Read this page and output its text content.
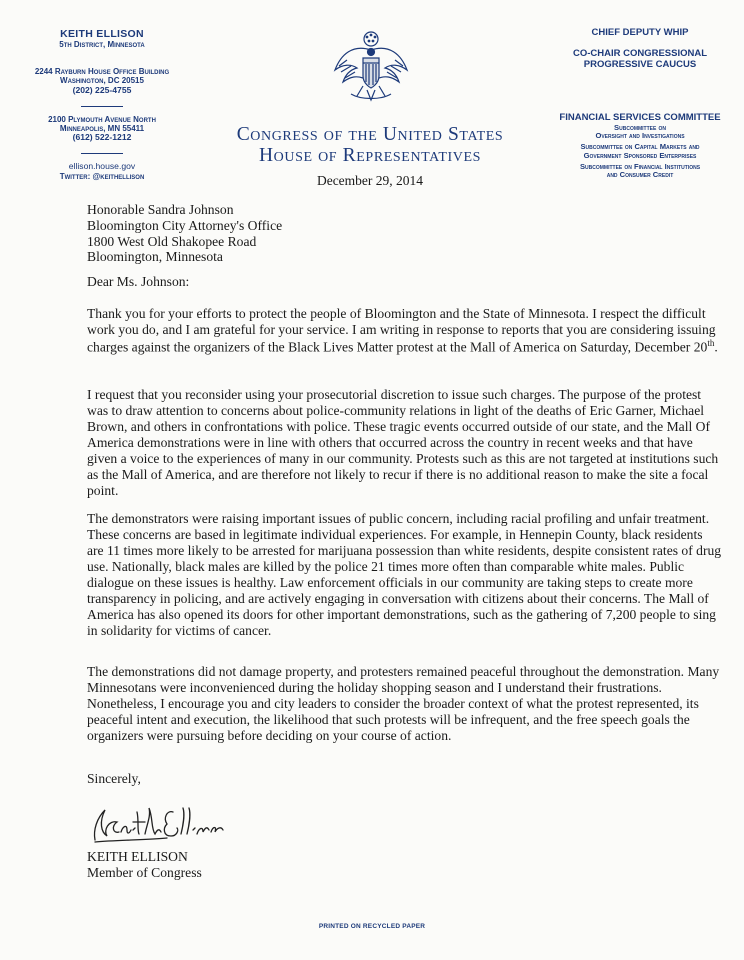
KEITH ELLISON
5th District, Minnesota
2244 Rayburn House Office Building
Washington, DC 20515
(202) 225-4755
2100 Plymouth Avenue North
Minneapolis, MN 55411
(612) 522-1212
ellison.house.gov
Twitter: @keithellison
CHIEF DEPUTY WHIP
CO-CHAIR CONGRESSIONAL
PROGRESSIVE CAUCUS
FINANCIAL SERVICES COMMITTEE
Subcommittee on
Oversight and Investigations
Subcommittee on Capital Markets and
Government Sponsored Enterprises
Subcommittee on Financial Institutions
and Consumer Credit
Congress of the United States
House of Representatives
December 29, 2014
Honorable Sandra Johnson
Bloomington City Attorney's Office
1800 West Old Shakopee Road
Bloomington, Minnesota
Dear Ms. Johnson:
Thank you for your efforts to protect the people of Bloomington and the State of Minnesota. I respect the difficult work you do, and I am grateful for your service. I am writing in response to reports that you are considering issuing charges against the organizers of the Black Lives Matter protest at the Mall of America on Saturday, December 20th.
I request that you reconsider using your prosecutorial discretion to issue such charges. The purpose of the protest was to draw attention to concerns about police-community relations in light of the deaths of Eric Garner, Michael Brown, and others in confrontations with police. These tragic events occurred outside of our state, and the Mall Of America demonstrations were in line with others that occurred across the country in recent weeks and that have given a voice to the experiences of many in our community. Protests such as this are not targeted at institutions such as the Mall of America, and are therefore not likely to recur if there is no additional reason to make the site a focal point.
The demonstrators were raising important issues of public concern, including racial profiling and unfair treatment. These concerns are based in legitimate individual experiences. For example, in Hennepin County, black residents are 11 times more likely to be arrested for marijuana possession than white residents, despite consistent rates of drug use. Nationally, black males are killed by the police 21 times more often than comparable white males. Public dialogue on these issues is healthy. Law enforcement officials in our community are taking steps to create more transparency in policing, and are actively engaging in conversation with citizens about their concerns. The Mall of America has also opened its doors for other important demonstrations, such as the gathering of 7,200 people to sing in solidarity for victims of cancer.
The demonstrations did not damage property, and protesters remained peaceful throughout the demonstration. Many Minnesotans were inconvenienced during the holiday shopping season and I understand their frustrations. Nonetheless, I encourage you and city leaders to consider the broader context of what the protest represented, its peaceful intent and execution, the likelihood that such protests will be infrequent, and the free speech goals the organizers were pursuing before deciding on your course of action.
Sincerely,
KEITH ELLISON
Member of Congress
PRINTED ON RECYCLED PAPER
